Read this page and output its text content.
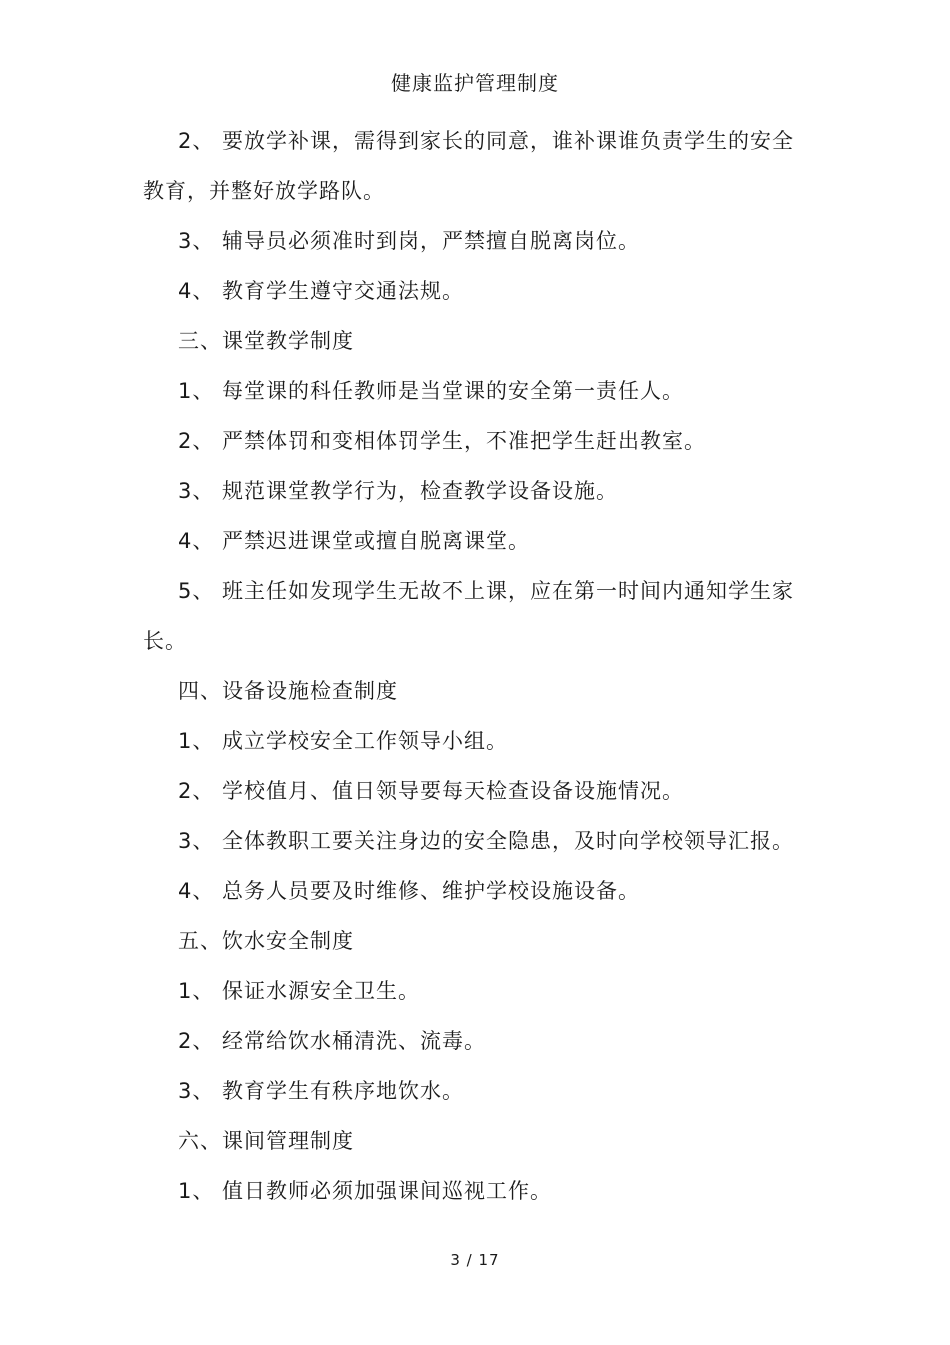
健康监护管理制度
2、 要放学补课，需得到家长的同意，谁补课谁负责学生的安全
教育，并整好放学路队。
3、 辅导员必须准时到岗，严禁擅自脱离岗位。
4、 教育学生遵守交通法规。
三、课堂教学制度
1、 每堂课的科任教师是当堂课的安全第一责任人。
2、 严禁体罚和变相体罚学生，不准把学生赶出教室。
3、 规范课堂教学行为，检查教学设备设施。
4、 严禁迟进课堂或擅自脱离课堂。
5、 班主任如发现学生无故不上课，应在第一时间内通知学生家
长。
四、设备设施检查制度
1、 成立学校安全工作领导小组。
2、 学校值月、值日领导要每天检查设备设施情况。
3、 全体教职工要关注身边的安全隐患，及时向学校领导汇报。
4、 总务人员要及时维修、维护学校设施设备。
五、饮水安全制度
1、 保证水源安全卫生。
2、 经常给饮水桶清洗、流毒。
3、 教育学生有秩序地饮水。
六、课间管理制度
1、 值日教师必须加强课间巡视工作。
3 / 17
